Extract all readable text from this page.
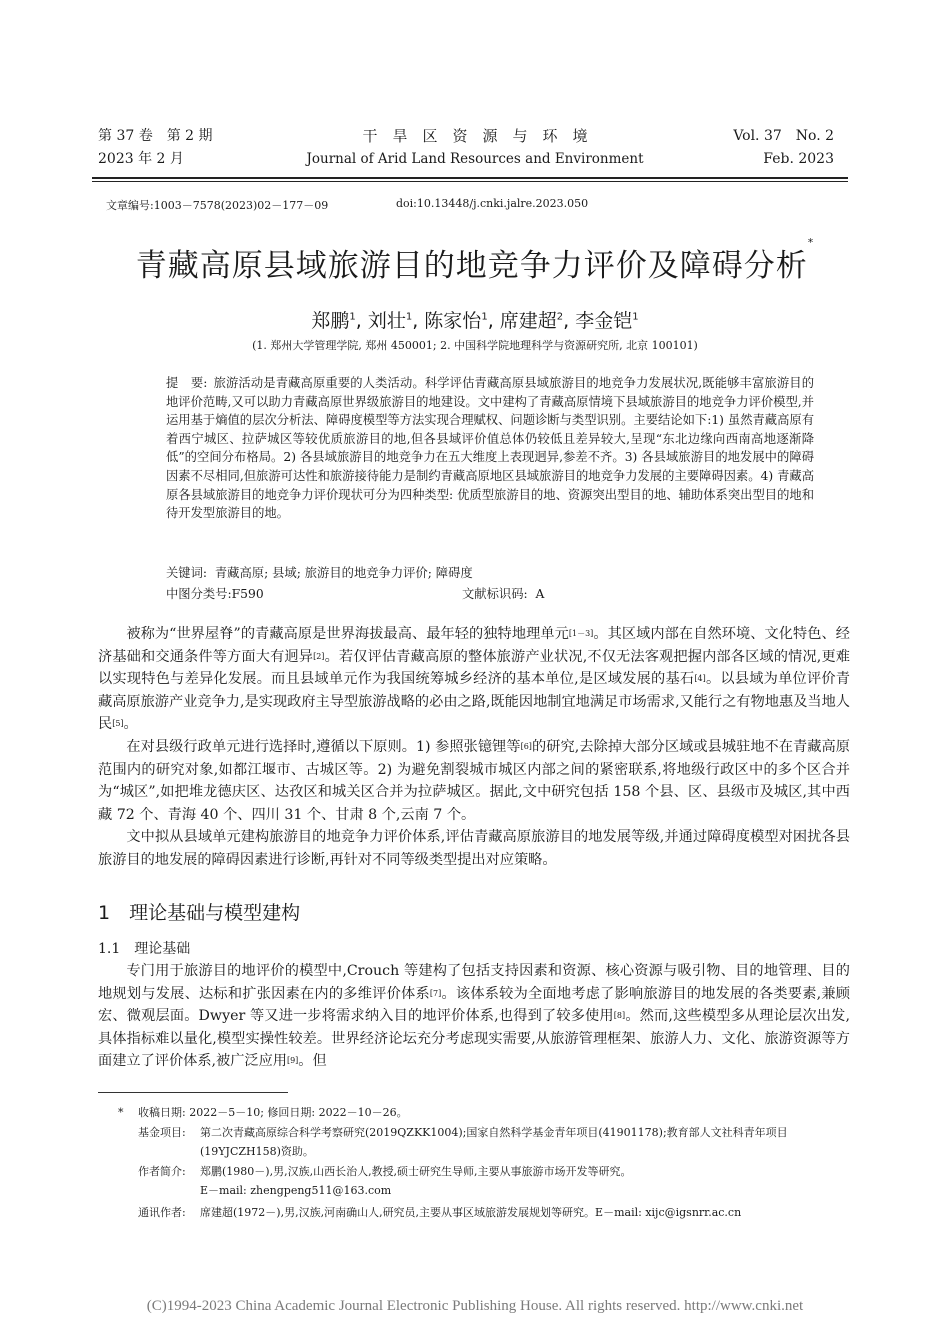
第 37 卷　第 2 期
2023 年 2 月
干　旱　区　资　源　与　环　境
Journal of Arid Land Resources and Environment
Vol. 37　No. 2
Feb. 2023
文章编号:1003－7578(2023)02－177－09	doi:10.13448/j.cnki.jalre.2023.050
青藏高原县域旅游目的地竞争力评价及障碍分析*
郑鹏$^1$, 刘壮$^1$, 陈家怡$^1$, 席建超$^2$, 李金铠$^1$
(1. 郑州大学管理学院, 郑州 450001; 2. 中国科学院地理科学与资源研究所, 北京 100101)
提　要: 旅游活动是青藏高原重要的人类活动。科学评估青藏高原县域旅游目的地竞争力发展状况,既能够丰富旅游目的地评价范畴,又可以助力青藏高原世界级旅游目的地建设。文中建构了青藏高原情境下县域旅游目的地竞争力评价模型,并运用基于熵值的层次分析法、障碍度模型等方法实现合理赋权、问题诊断与类型识别。主要结论如下:1) 虽然青藏高原有着西宁城区、拉萨城区等较优质旅游目的地,但各县域评价值总体仍较低且差异较大,呈现“东北边缘向西南高地逐渐降低”的空间分布格局。2) 各县域旅游目的地竞争力在五大维度上表现迥异,参差不齐。3) 各县域旅游目的地发展中的障碍因素不尽相同,但旅游可达性和旅游接待能力是制约青藏高原地区县域旅游目的地竞争力发展的主要障碍因素。4) 青藏高原各县域旅游目的地竞争力评价现状可分为四种类型: 优质型旅游目的地、资源突出型目的地、辅助体系突出型目的地和待开发型旅游目的地。
关键词: 青藏高原; 县域; 旅游目的地竞争力评价; 障碍度
中图分类号:F590	文献标识码: A

被称为“世界屋脊”的青藏高原是世界海拔最高、最年轻的独特地理单元[1－3]。其区域内部在自然环境、文化特色、经济基础和交通条件等方面大有迥异[2]。若仅评估青藏高原的整体旅游产业状况,不仅无法客观把握内部各区域的情况,更难以实现特色与差异化发展。而且县域单元作为我国统筹城乡经济的基本单位,是区域发展的基石[4]。以县域为单位评价青藏高原旅游产业竞争力,是实现政府主导型旅游战略的必由之路,既能因地制宜地满足市场需求,又能行之有物地惠及当地人民[5]。

在对县级行政单元进行选择时,遵循以下原则。1) 参照张镱锂等[6]的研究,去除掉大部分区域或县城驻地不在青藏高原范围内的研究对象,如都江堰市、古城区等。2) 为避免割裂城市城区内部之间的紧密联系,将地级行政区中的多个区合并为“城区”,如把堆龙德庆区、达孜区和城关区合并为拉萨城区。据此,文中研究包括 158 个县、区、县级市及城区,其中西藏 72 个、青海 40 个、四川 31 个、甘肃 8 个,云南 7 个。

文中拟从县域单元建构旅游目的地竞争力评价体系,评估青藏高原旅游目的地发展等级,并通过障碍度模型对困扰各县旅游目的地发展的障碍因素进行诊断,再针对不同等级类型提出对应策略。

1　理论基础与模型建构
1.1　理论基础

专门用于旅游目的地评价的模型中,Crouch 等建构了包括支持因素和资源、核心资源与吸引物、目的地管理、目的地规划与发展、达标和扩张因素在内的多维评价体系[7]。该体系较为全面地考虑了影响旅游目的地发展的各类要素,兼顾宏、微观层面。Dwyer 等又进一步将需求纳入目的地评价体系,也得到了较多使用[8]。然而,这些模型多从理论层次出发,具体指标难以量化,模型实操性较差。世界经济论坛充分考虑现实需要,从旅游管理框架、旅游人力、文化、旅游资源等方面建立了评价体系,被广泛应用[9]。但

* 收稿日期: 2022－5－10; 修回日期: 2022－10－26。
基金项目:	第二次青藏高原综合科学考察研究(2019QZKK1004);国家自然科学基金青年项目(41901178);教育部人文社科青年项目(19YJCZH158)资助。
作者简介:	郑鹏(1980－),男,汉族,山西长治人,教授,硕士研究生导师,主要从事旅游市场开发等研究。
E－mail: zhengpeng511@163.com
通讯作者:	席建超(1972－),男,汉族,河南确山人,研究员,主要从事区域旅游发展规划等研究。E－mail: xijc@igsnrr.ac.cn
(C)1994-2023 China Academic Journal Electronic Publishing House. All rights reserved. http://www.cnki.net
